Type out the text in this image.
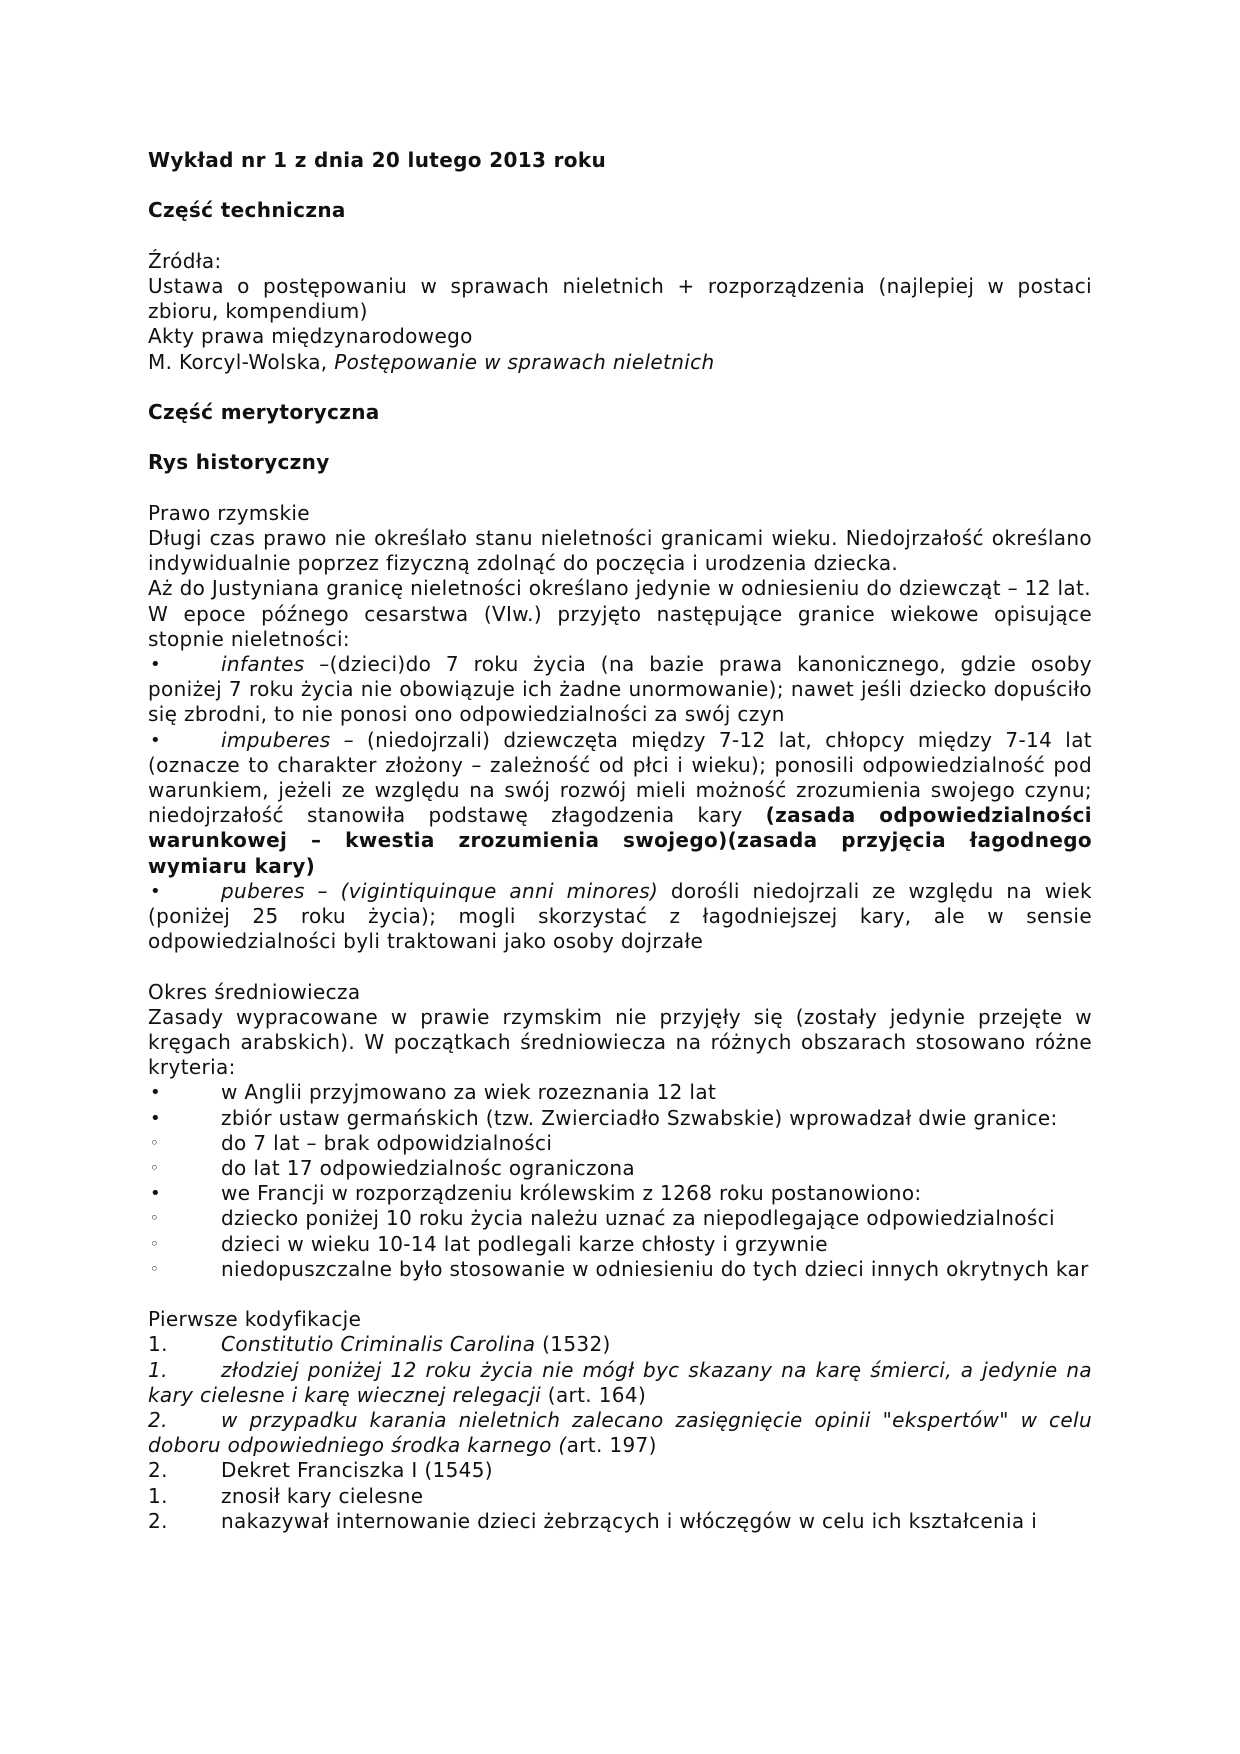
Wykład nr 1 z dnia 20 lutego 2013 roku
Część techniczna
Źródła:
Ustawa o postępowaniu w sprawach nieletnich + rozporządzenia (najlepiej w postaci zbioru, kompendium)
Akty prawa międzynarodowego
M. Korcyl-Wolska, Postępowanie w sprawach nieletnich
Część merytoryczna
Rys historyczny
Prawo rzymskie
Długi czas prawo nie określało stanu nieletności granicami wieku. Niedojrzałość określano indywidualnie poprzez fizyczną zdolnąć do poczęcia i urodzenia dziecka.
Aż do Justyniana granicę nieletności określano jedynie w odniesieniu do dziewcząt – 12 lat.
W epoce późnego cesarstwa (VIw.) przyjęto następujące granice wiekowe opisujące stopnie nieletności:
•	infantes –(dzieci)do 7 roku życia (na bazie prawa kanonicznego, gdzie osoby poniżej 7 roku życia nie obowiązuje ich żadne unormowanie); nawet jeśli dziecko dopuściło się zbrodni, to nie ponosi ono odpowiedzialności za swój czyn
•	impuberes – (niedojrzali) dziewczęta między 7-12 lat, chłopcy między 7-14 lat (oznacze to charakter złożony – zależność od płci i wieku); ponosili odpowiedzialność pod warunkiem, jeżeli ze względu na swój rozwój mieli możność zrozumienia swojego czynu; niedojrzałość stanowiła podstawę złagodzenia kary (zasada odpowiedzialności warunkowej – kwestia zrozumienia swojego)(zasada przyjęcia łagodnego wymiaru kary)
•	puberes – (vigintiquinque anni minores) dorośli niedojrzali ze względu na wiek (poniżej 25 roku życia); mogli skorzystać z łagodniejszej kary, ale w sensie odpowiedzialności byli traktowani jako osoby dojrzałe
Okres średniowiecza
Zasady wypracowane w prawie rzymskim nie przyjęły się (zostały jedynie przejęte w kręgach arabskich). W początkach średniowiecza na różnych obszarach stosowano różne kryteria:
•	w Anglii przyjmowano za wiek rozeznania 12 lat
•	zbiór ustaw germańskich (tzw. Zwierciadło Szwabskie) wprowadzał dwie granice:
◦	do 7 lat – brak odpowidzialności
◦	do lat 17 odpowiedzialnośc ograniczona
•	we Francji w rozporządzeniu królewskim z 1268 roku postanowiono:
◦	dziecko poniżej 10 roku życia należu uznać za niepodlegające odpowiedzialności
◦	dzieci w wieku 10-14 lat podlegali karze chłosty i grzywnie
◦	niedopuszczalne było stosowanie w odniesieniu do tych dzieci innych okrytnych kar
Pierwsze kodyfikacje
1.	Constitutio Criminalis Carolina (1532)
1.	złodziej poniżej 12 roku życia nie mógł byc skazany na karę śmierci, a jedynie na kary cielesne i karę wiecznej relegacji (art. 164)
2.	w przypadku karania nieletnich zalecano zasięgnięcie opinii "ekspertów" w celu doboru odpowiedniego środka karnego (art. 197)
2.	Dekret Franciszka I (1545)
1.	znosił kary cielesne
2.	nakazywał internowanie dzieci żebrzących i włóczęgów w celu ich kształcenia i
